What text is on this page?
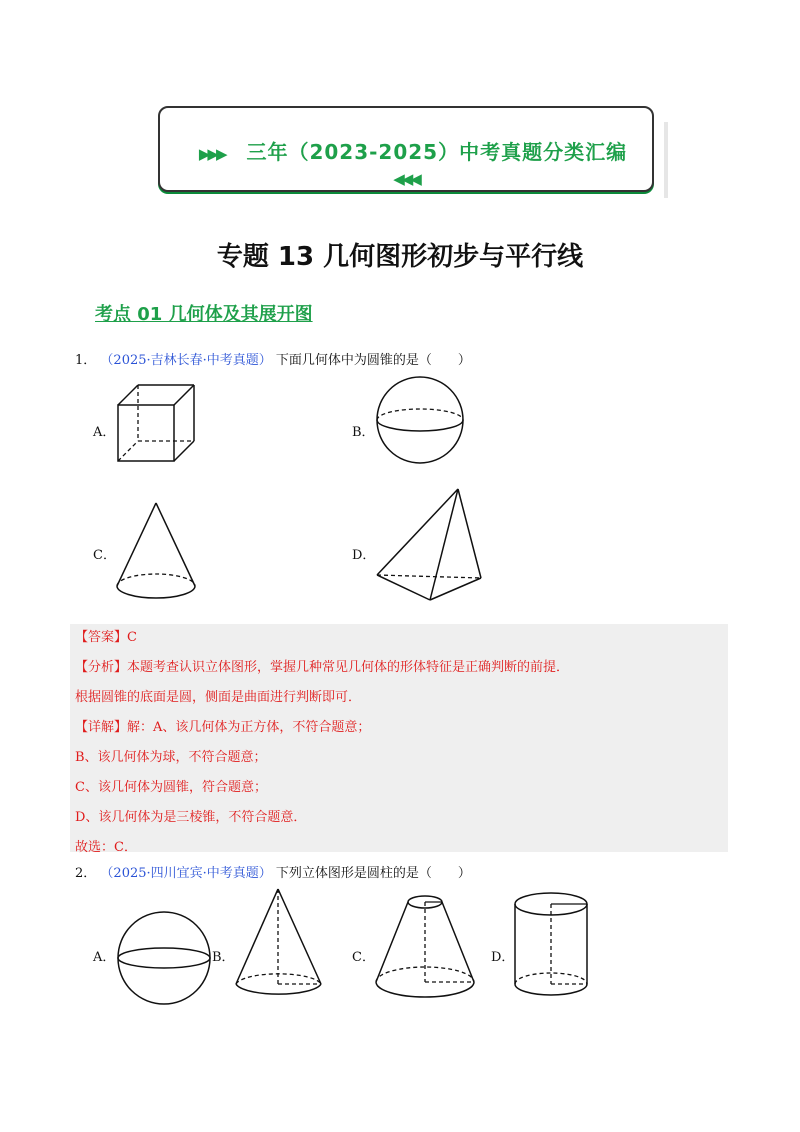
▶▶▶ 三年（2023-2025）中考真题分类汇编 ◀◀◀
专题 13 几何图形初步与平行线
考点 01 几何体及其展开图
1． （2025·吉林长春·中考真题） 下面几何体中为圆锥的是（　　）
A．	B．
C．	D．
【答案】C
【分析】本题考查认识立体图形，掌握几种常见几何体的形体特征是正确判断的前提．
根据圆锥的底面是圆，侧面是曲面进行判断即可．
【详解】解：A、该几何体为正方体，不符合题意；
B、该几何体为球，不符合题意；
C、该几何体为圆锥，符合题意；
D、该几何体为是三棱锥，不符合题意．
故选：C．
2． （2025·四川宜宾·中考真题） 下列立体图形是圆柱的是（　　）
A．	B．	C．	D．
